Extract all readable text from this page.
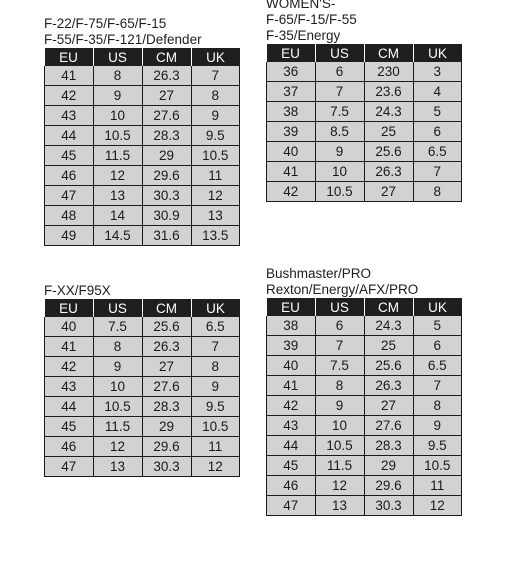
F-22/F-75/F-65/F-15
F-55/F-35/F-121/Defender
EU	US	CM	UK
41	8	26.3	7
42	9	27	8
43	10	27.6	9
44	10.5	28.3	9.5
45	11.5	29	10.5
46	12	29.6	11
47	13	30.3	12
48	14	30.9	13
49	14.5	31.6	13.5
WOMEN'S-
F-65/F-15/F-55
F-35/Energy
EU	US	CM	UK
36	6	230	3
37	7	23.6	4
38	7.5	24.3	5
39	8.5	25	6
40	9	25.6	6.5
41	10	26.3	7
42	10.5	27	8
F-XX/F95X
EU	US	CM	UK
40	7.5	25.6	6.5
41	8	26.3	7
42	9	27	8
43	10	27.6	9
44	10.5	28.3	9.5
45	11.5	29	10.5
46	12	29.6	11
47	13	30.3	12
Bushmaster/PRO
Rexton/Energy/AFX/PRO
EU	US	CM	UK
38	6	24.3	5
39	7	25	6
40	7.5	25.6	6.5
41	8	26.3	7
42	9	27	8
43	10	27.6	9
44	10.5	28.3	9.5
45	11.5	29	10.5
46	12	29.6	11
47	13	30.3	12
